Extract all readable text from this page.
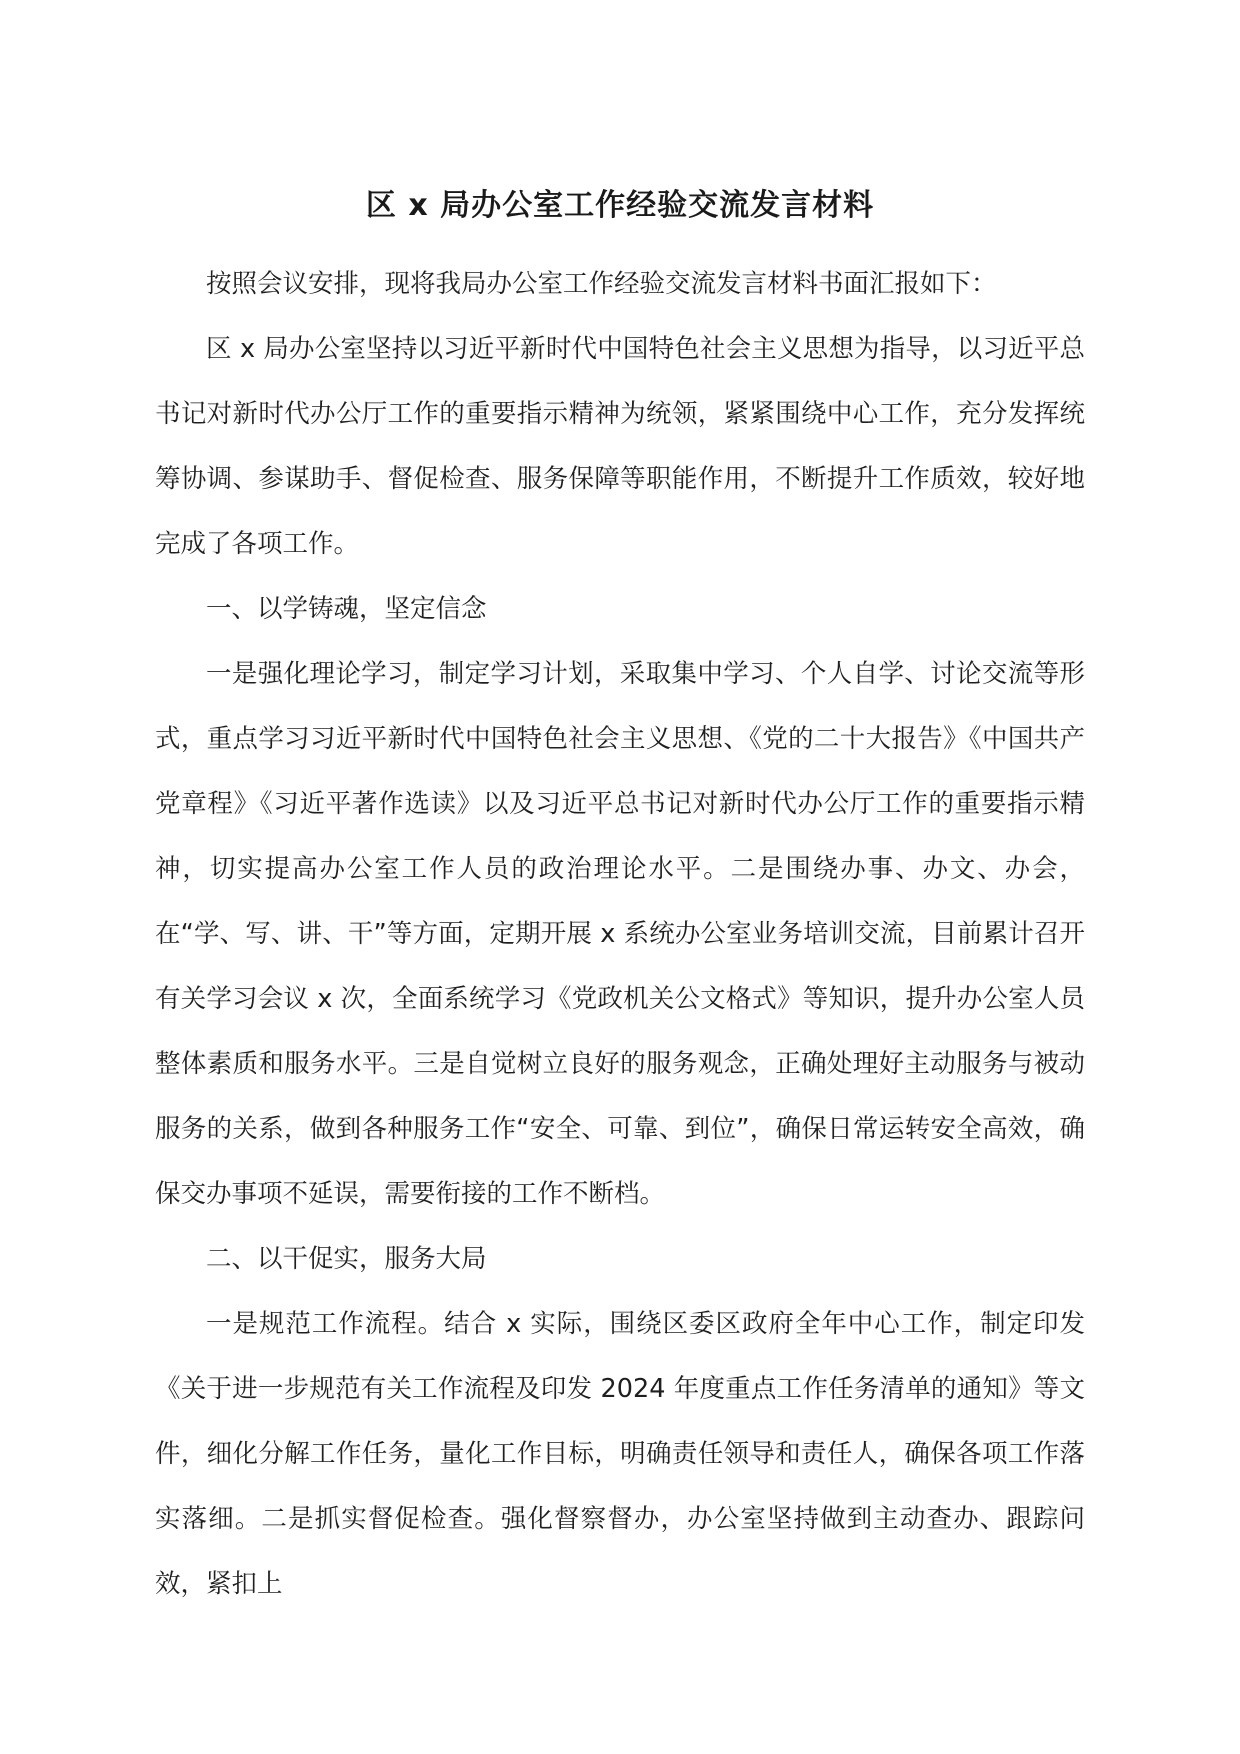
区 x 局办公室工作经验交流发言材料

按照会议安排，现将我局办公室工作经验交流发言材料书面汇报如下：

区 x 局办公室坚持以习近平新时代中国特色社会主义思想为指导，以习近平总书记对新时代办公厅工作的重要指示精神为统领，紧紧围绕中心工作，充分发挥统筹协调、参谋助手、督促检查、服务保障等职能作用，不断提升工作质效，较好地完成了各项工作。

一、以学铸魂，坚定信念

一是强化理论学习，制定学习计划，采取集中学习、个人自学、讨论交流等形式，重点学习习近平新时代中国特色社会主义思想、《党的二十大报告》《中国共产党章程》《习近平著作选读》以及习近平总书记对新时代办公厅工作的重要指示精神，切实提高办公室工作人员的政治理论水平。二是围绕办事、办文、办会，在“学、写、讲、干”等方面，定期开展 x 系统办公室业务培训交流，目前累计召开有关学习会议 x 次，全面系统学习《党政机关公文格式》等知识，提升办公室人员整体素质和服务水平。三是自觉树立良好的服务观念，正确处理好主动服务与被动服务的关系，做到各种服务工作“安全、可靠、到位”，确保日常运转安全高效，确保交办事项不延误，需要衔接的工作不断档。

二、以干促实，服务大局

一是规范工作流程。结合 x 实际，围绕区委区政府全年中心工作，制定印发《关于进一步规范有关工作流程及印发 2024 年度重点工作任务清单的通知》等文件，细化分解工作任务，量化工作目标，明确责任领导和责任人，确保各项工作落实落细。二是抓实督促检查。强化督察督办，办公室坚持做到主动查办、跟踪问效，紧扣上
